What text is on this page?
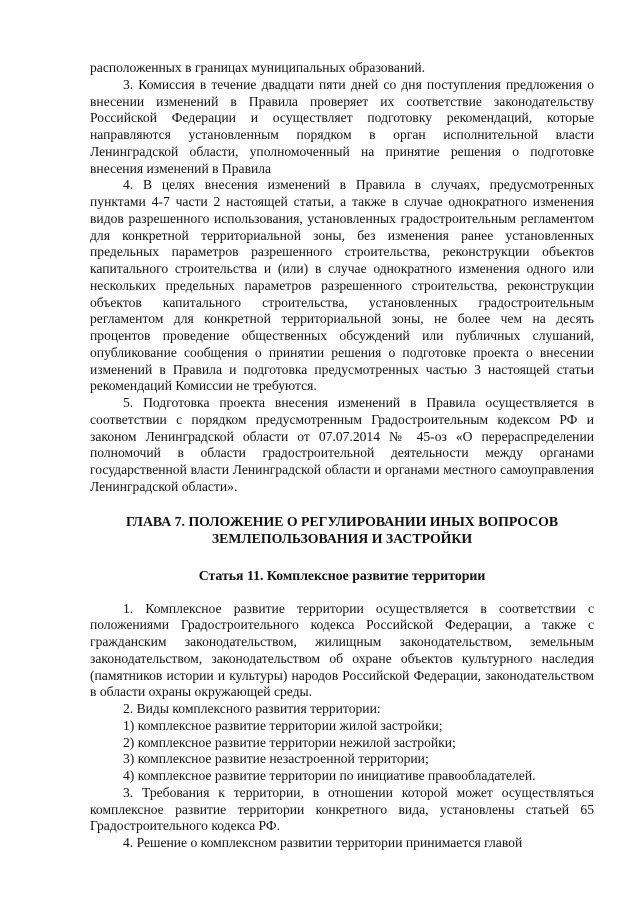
расположенных в границах муниципальных образований.

3. Комиссия в течение двадцати пяти дней со дня поступления предложения о внесении изменений в Правила проверяет их соответствие законодательству Российской Федерации и осуществляет подготовку рекомендаций, которые направляются установленным порядком в орган исполнительной власти Ленинградской области, уполномоченный на принятие решения о подготовке внесения изменений в Правила

4. В целях внесения изменений в Правила в случаях, предусмотренных пунктами 4-7 части 2 настоящей статьи, а также в случае однократного изменения видов разрешенного использования, установленных градостроительным регламентом для конкретной территориальной зоны, без изменения ранее установленных предельных параметров разрешенного строительства, реконструкции объектов капитального строительства и (или) в случае однократного изменения одного или нескольких предельных параметров разрешенного строительства, реконструкции объектов капитального строительства, установленных градостроительным регламентом для конкретной территориальной зоны, не более чем на десять процентов проведение общественных обсуждений или публичных слушаний, опубликование сообщения о принятии решения о подготовке проекта о внесении изменений в Правила и подготовка предусмотренных частью 3 настоящей статьи рекомендаций Комиссии не требуются.

5. Подготовка проекта внесения изменений в Правила осуществляется в соответствии с порядком предусмотренным Градостроительным кодексом РФ и законом Ленинградской области от 07.07.2014 № 45-оз «О перераспределении полномочий в области градостроительной деятельности между органами государственной власти Ленинградской области и органами местного самоуправления Ленинградской области».

ГЛАВА 7. ПОЛОЖЕНИЕ О РЕГУЛИРОВАНИИ ИНЫХ ВОПРОСОВ
ЗЕМЛЕПОЛЬЗОВАНИЯ И ЗАСТРОЙКИ
Статья 11. Комплексное развитие территории

1. Комплексное развитие территории осуществляется в соответствии с положениями Градостроительного кодекса Российской Федерации, а также с гражданским законодательством, жилищным законодательством, земельным законодательством, законодательством об охране объектов культурного наследия (памятников истории и культуры) народов Российской Федерации, законодательством в области охраны окружающей среды.

2. Виды комплексного развития территории:

1) комплексное развитие территории жилой застройки;

2) комплексное развитие территории нежилой застройки;

3) комплексное развитие незастроенной территории;

4) комплексное развитие территории по инициативе правообладателей.

3. Требования к территории, в отношении которой может осуществляться комплексное развитие территории конкретного вида, установлены статьей 65 Градостроительного кодекса РФ.

4. Решение о комплексном развитии территории принимается главой
